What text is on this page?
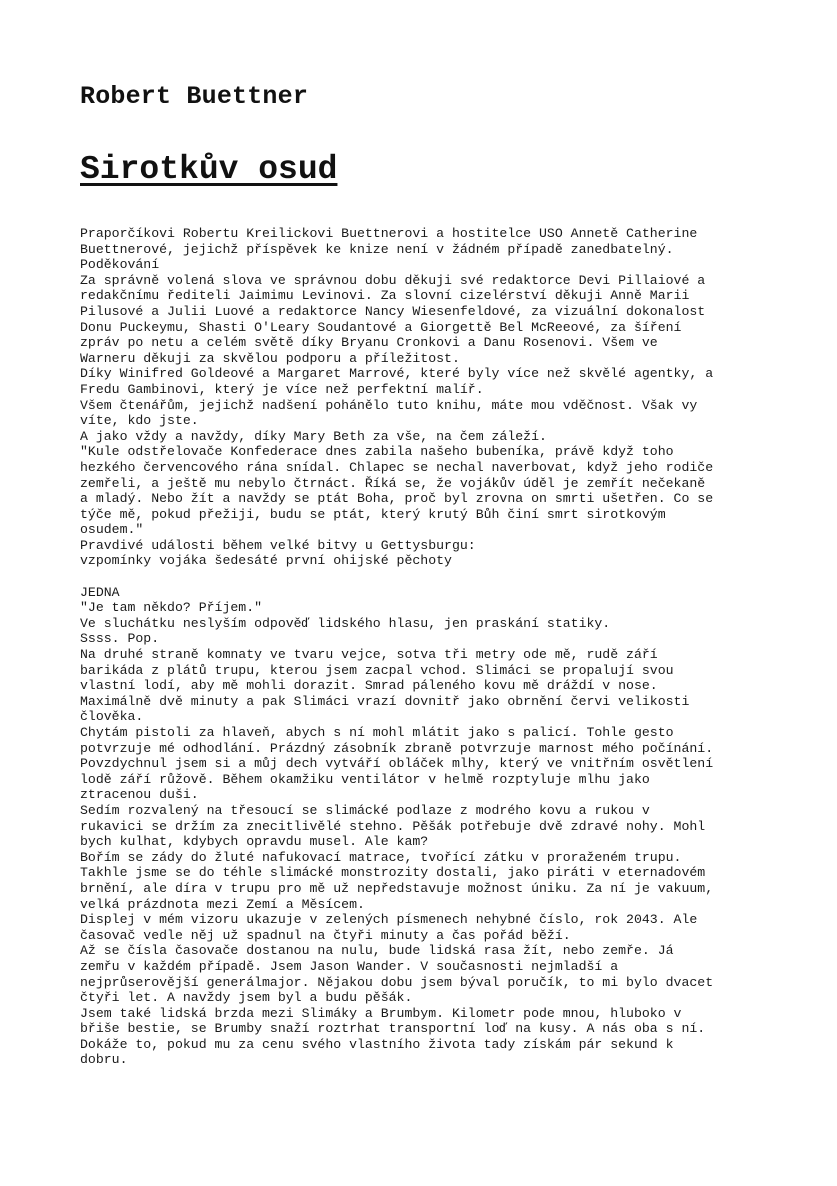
Robert Buettner
Sirotkův osud
Praporčíkovi Robertu Kreilickovi Buettnerovi a hostitelce USO Annetě Catherine
Buettnerové, jejichž příspěvek ke knize není v žádném případě zanedbatelný.
Poděkování
Za správně volená slova ve správnou dobu děkuji své redaktorce Devi Pillaiové a
redakčnímu řediteli Jaimimu Levinovi. Za slovní cizelérství děkuji Anně Marii
Pilusové a Julii Luové a redaktorce Nancy Wiesenfeldové, za vizuální dokonalost
Donu Puckeymu, Shasti O'Leary Soudantové a Giorgettě Bel McReeové, za šíření
zpráv po netu a celém světě díky Bryanu Cronkovi a Danu Rosenovi. Všem ve
Warneru děkuji za skvělou podporu a příležitost.
Díky Winifred Goldeové a Margaret Marrové, které byly více než skvělé agentky, a
Fredu Gambinovi, který je více než perfektní malíř.
Všem čtenářům, jejichž nadšení pohánělo tuto knihu, máte mou vděčnost. Však vy
víte, kdo jste.
A jako vždy a navždy, díky Mary Beth za vše, na čem záleží.
"Kule odstřelovače Konfederace dnes zabila našeho bubeníka, právě když toho
hezkého červencového rána snídal. Chlapec se nechal naverbovat, když jeho rodiče
zemřeli, a ještě mu nebylo čtrnáct. Říká se, že vojákův úděl je zemřít nečekaně
a mladý. Nebo žít a navždy se ptát Boha, proč byl zrovna on smrti ušetřen. Co se
týče mě, pokud přežiji, budu se ptát, který krutý Bůh činí smrt sirotkovým
osudem."
Pravdivé události během velké bitvy u Gettysburgu:
vzpomínky vojáka šedesáté první ohijské pěchoty
JEDNA
"Je tam někdo? Příjem."
Ve sluchátku neslyším odpověď lidského hlasu, jen praskání statiky.
Ssss. Pop.
Na druhé straně komnaty ve tvaru vejce, sotva tři metry ode mě, rudě září
barikáda z plátů trupu, kterou jsem zacpal vchod. Slimáci se propalují svou
vlastní lodí, aby mě mohli dorazit. Smrad páleného kovu mě dráždí v nose.
Maximálně dvě minuty a pak Slimáci vrazí dovnitř jako obrnění červi velikosti
člověka.
Chytám pistoli za hlaveň, abych s ní mohl mlátit jako s palicí. Tohle gesto
potvrzuje mé odhodlání. Prázdný zásobník zbraně potvrzuje marnost mého počínání.
Povzdychnul jsem si a můj dech vytváří obláček mlhy, který ve vnitřním osvětlení
lodě září růžově. Během okamžiku ventilátor v helmě rozptyluje mlhu jako
ztracenou duši.
Sedím rozvalený na třesoucí se slimácké podlaze z modrého kovu a rukou v
rukavici se držím za znecitlivělé stehno. Pěšák potřebuje dvě zdravé nohy. Mohl
bych kulhat, kdybych opravdu musel. Ale kam?
Bořím se zády do žluté nafukovací matrace, tvořící zátku v proraženém trupu.
Takhle jsme se do téhle slimácké monstrozity dostali, jako piráti v eternadovém
brnění, ale díra v trupu pro mě už nepředstavuje možnost úniku. Za ní je vakuum,
velká prázdnota mezi Zemí a Měsícem.
Displej v mém vizoru ukazuje v zelených písmenech nehybné číslo, rok 2043. Ale
časovač vedle něj už spadnul na čtyři minuty a čas pořád běží.
Až se čísla časovače dostanou na nulu, bude lidská rasa žít, nebo zemře. Já
zemřu v každém případě. Jsem Jason Wander. V současnosti nejmladší a
nejprůserovější generálmajor. Nějakou dobu jsem býval poručík, to mi bylo dvacet
čtyři let. A navždy jsem byl a budu pěšák.
Jsem také lidská brzda mezi Slimáky a Brumbym. Kilometr pode mnou, hluboko v
břiše bestie, se Brumby snaží roztrhat transportní loď na kusy. A nás oba s ní.
Dokáže to, pokud mu za cenu svého vlastního života tady získám pár sekund k
dobru.
